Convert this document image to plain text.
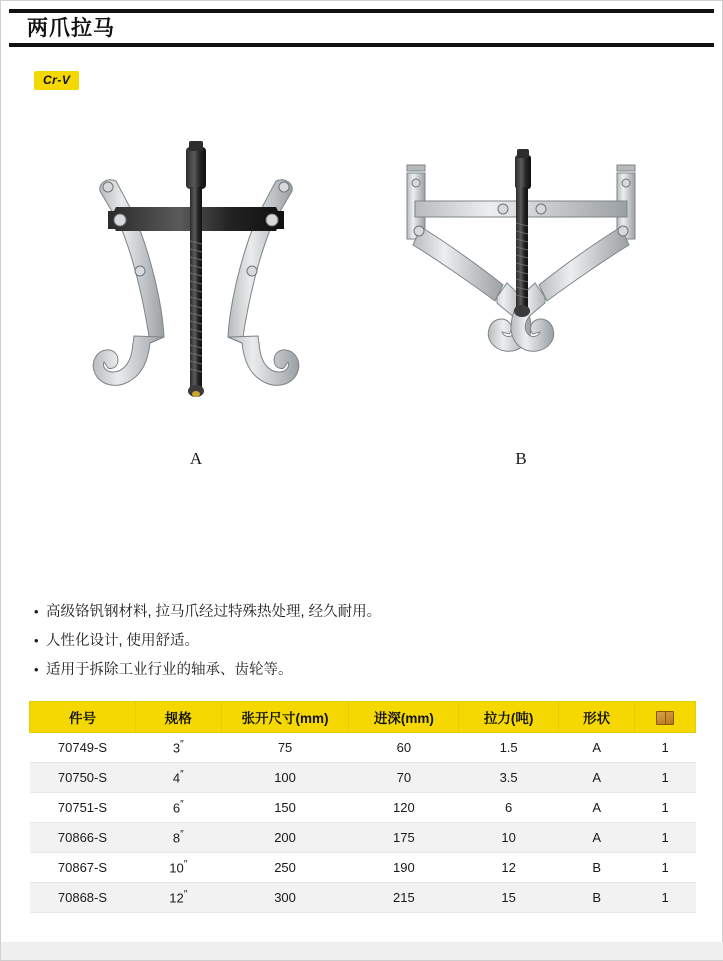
两爪拉马
Cr-V
A	B
• 高级铬钒钢材料, 拉马爪经过特殊热处理, 经久耐用。
• 人性化设计, 使用舒适。
• 适用于拆除工业行业的轴承、齿轮等。
件号	规格	张开尺寸(mm)	进深(mm)	拉力(吨)	形状	
70749-S	3″	75	60	1.5	A	1
70750-S	4″	100	70	3.5	A	1
70751-S	6″	150	120	6	A	1
70866-S	8″	200	175	10	A	1
70867-S	10″	250	190	12	B	1
70868-S	12″	300	215	15	B	1
